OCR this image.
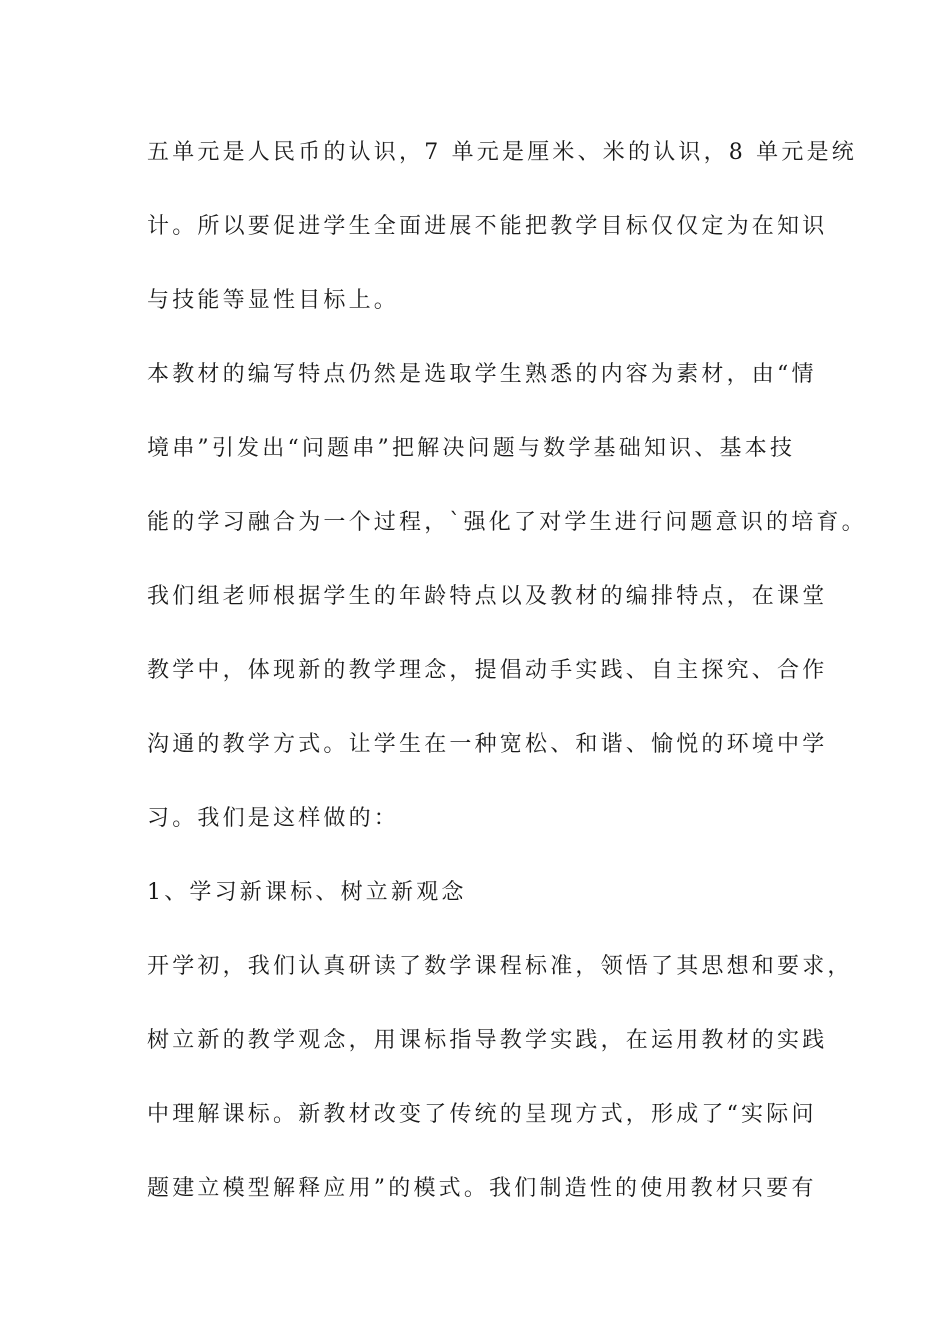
五单元是人民币的认识，7 单元是厘米、米的认识，8 单元是统
计。所以要促进学生全面进展不能把教学目标仅仅定为在知识
与技能等显性目标上。
本教材的编写特点仍然是选取学生熟悉的内容为素材，由“情
境串”引发出“问题串”把解决问题与数学基础知识、基本技
能的学习融合为一个过程，`强化了对学生进行问题意识的培育。
我们组老师根据学生的年龄特点以及教材的编排特点，在课堂
教学中，体现新的教学理念，提倡动手实践、自主探究、合作
沟通的教学方式。让学生在一种宽松、和谐、愉悦的环境中学
习。我们是这样做的：
1、学习新课标、树立新观念
开学初，我们认真研读了数学课程标准，领悟了其思想和要求，
树立新的教学观念，用课标指导教学实践，在运用教材的实践
中理解课标。新教材改变了传统的呈现方式，形成了“实际问
题建立模型解释应用”的模式。我们制造性的使用教材只要有
